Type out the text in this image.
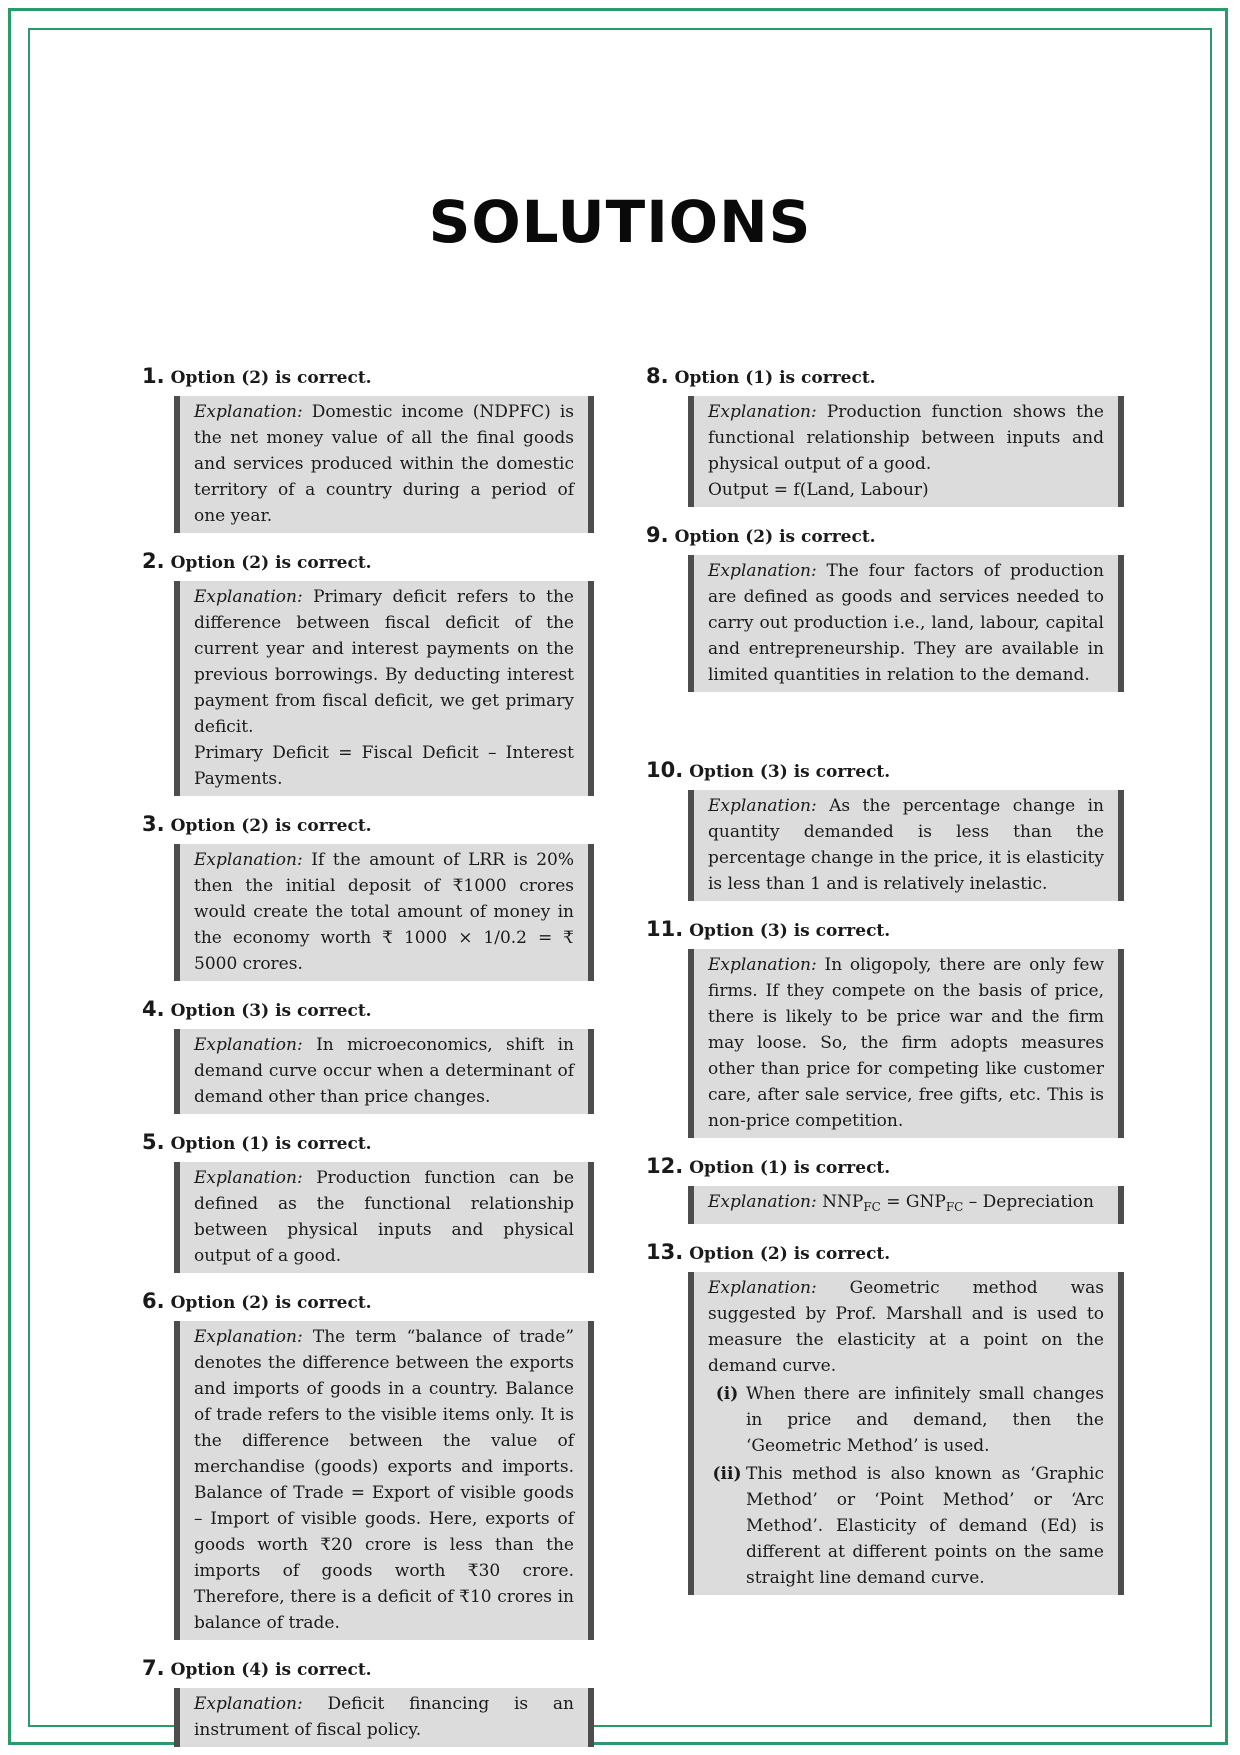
SOLUTIONS
1. Option (2) is correct.
Explanation: Domestic income (NDPFC) is the net money value of all the final goods and services produced within the domestic territory of a country during a period of one year.
2. Option (2) is correct.
Explanation: Primary deficit refers to the difference between fiscal deficit of the current year and interest payments on the previous borrowings. By deducting interest payment from fiscal deficit, we get primary deficit.
Primary Deficit = Fiscal Deficit – Interest Payments.
3. Option (2) is correct.
Explanation: If the amount of LRR is 20% then the initial deposit of ₹1000 crores would create the total amount of money in the economy worth ₹ 1000 × 1/0.2 = ₹ 5000 crores.
4. Option (3) is correct.
Explanation: In microeconomics, shift in demand curve occur when a determinant of demand other than price changes.
5. Option (1) is correct.
Explanation: Production function can be defined as the functional relationship between physical inputs and physical output of a good.
6. Option (2) is correct.
Explanation: The term “balance of trade” denotes the difference between the exports and imports of goods in a country. Balance of trade refers to the visible items only. It is the difference between the value of merchandise (goods) exports and imports. Balance of Trade = Export of visible goods – Import of visible goods. Here, exports of goods worth ₹20 crore is less than the imports of goods worth ₹30 crore. Therefore, there is a deficit of ₹10 crores in balance of trade.
7. Option (4) is correct.
Explanation: Deficit financing is an instrument of fiscal policy.
8. Option (1) is correct.
Explanation: Production function shows the functional relationship between inputs and physical output of a good.
Output = f(Land, Labour)
9. Option (2) is correct.
Explanation: The four factors of production are defined as goods and services needed to carry out production i.e., land, labour, capital and entrepreneurship. They are available in limited quantities in relation to the demand.
10. Option (3) is correct.
Explanation: As the percentage change in quantity demanded is less than the percentage change in the price, it is elasticity is less than 1 and is relatively inelastic.
11. Option (3) is correct.
Explanation: In oligopoly, there are only few firms. If they compete on the basis of price, there is likely to be price war and the firm may loose. So, the firm adopts measures other than price for competing like customer care, after sale service, free gifts, etc. This is non-price competition.
12. Option (1) is correct.
Explanation: $NNP_{FC} = GNP_{FC}$ – Depreciation
13. Option (2) is correct.
Explanation: Geometric method was suggested by Prof. Marshall and is used to measure the elasticity at a point on the demand curve.
(i) When there are infinitely small changes in price and demand, then the ‘Geometric Method’ is used.
(ii) This method is also known as ‘Graphic Method’ or ‘Point Method’ or ‘Arc Method’. Elasticity of demand (Ed) is different at different points on the same straight line demand curve.
